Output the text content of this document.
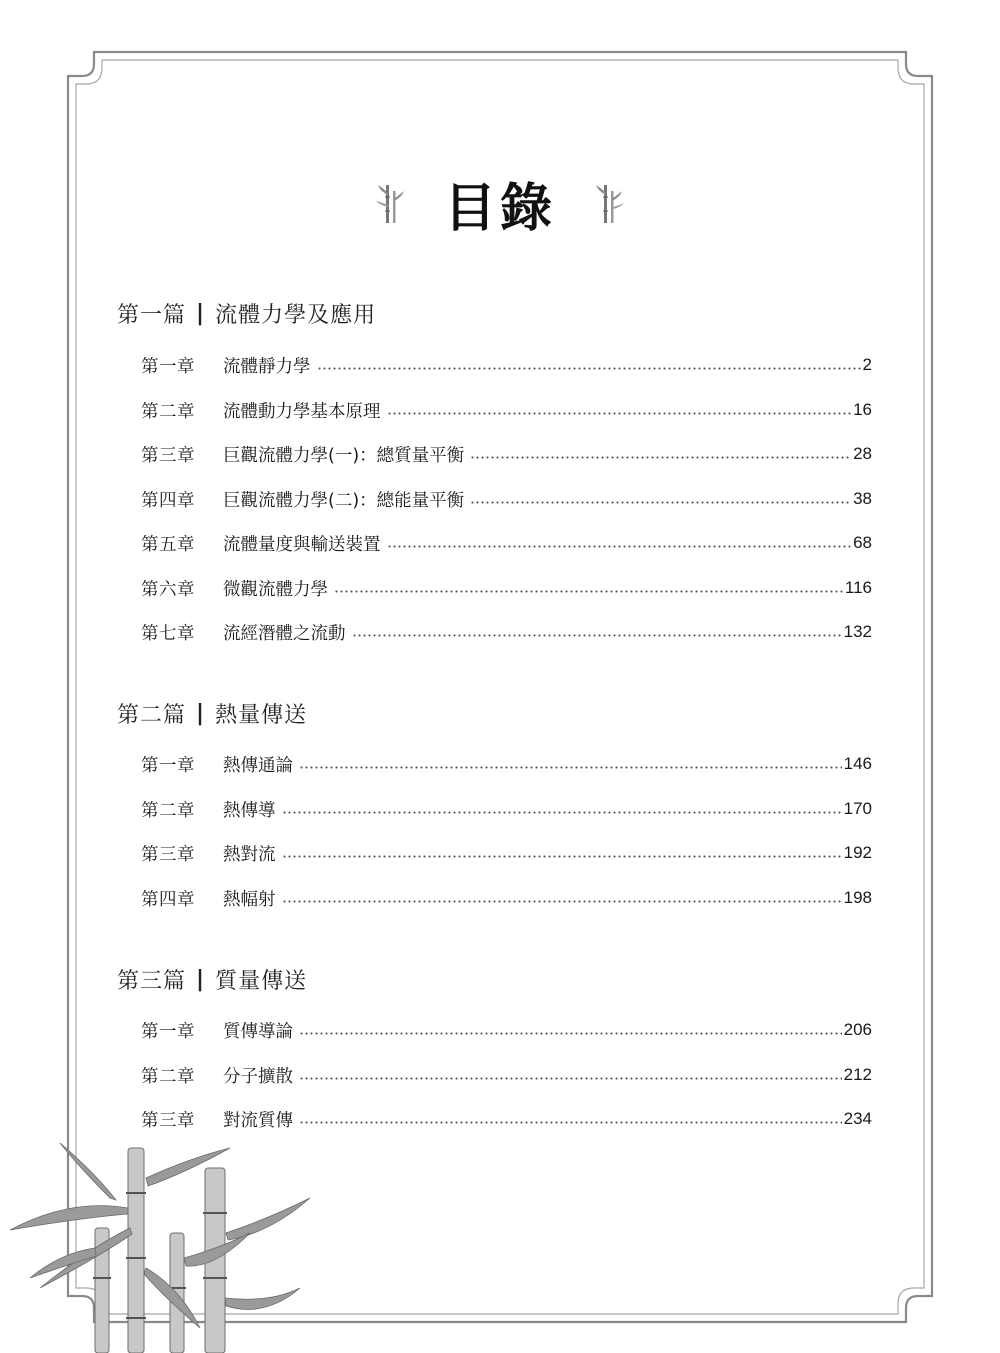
目錄
第一篇 | 流體力學及應用
第一章	流體靜力學	2
第二章	流體動力學基本原理	16
第三章	巨觀流體力學(一)：總質量平衡	28
第四章	巨觀流體力學(二)：總能量平衡	38
第五章	流體量度與輸送裝置	68
第六章	微觀流體力學	116
第七章	流經潛體之流動	132
第二篇 | 熱量傳送
第一章	熱傳通論	146
第二章	熱傳導	170
第三章	熱對流	192
第四章	熱幅射	198
第三篇 | 質量傳送
第一章	質傳導論	206
第二章	分子擴散	212
第三章	對流質傳	234
